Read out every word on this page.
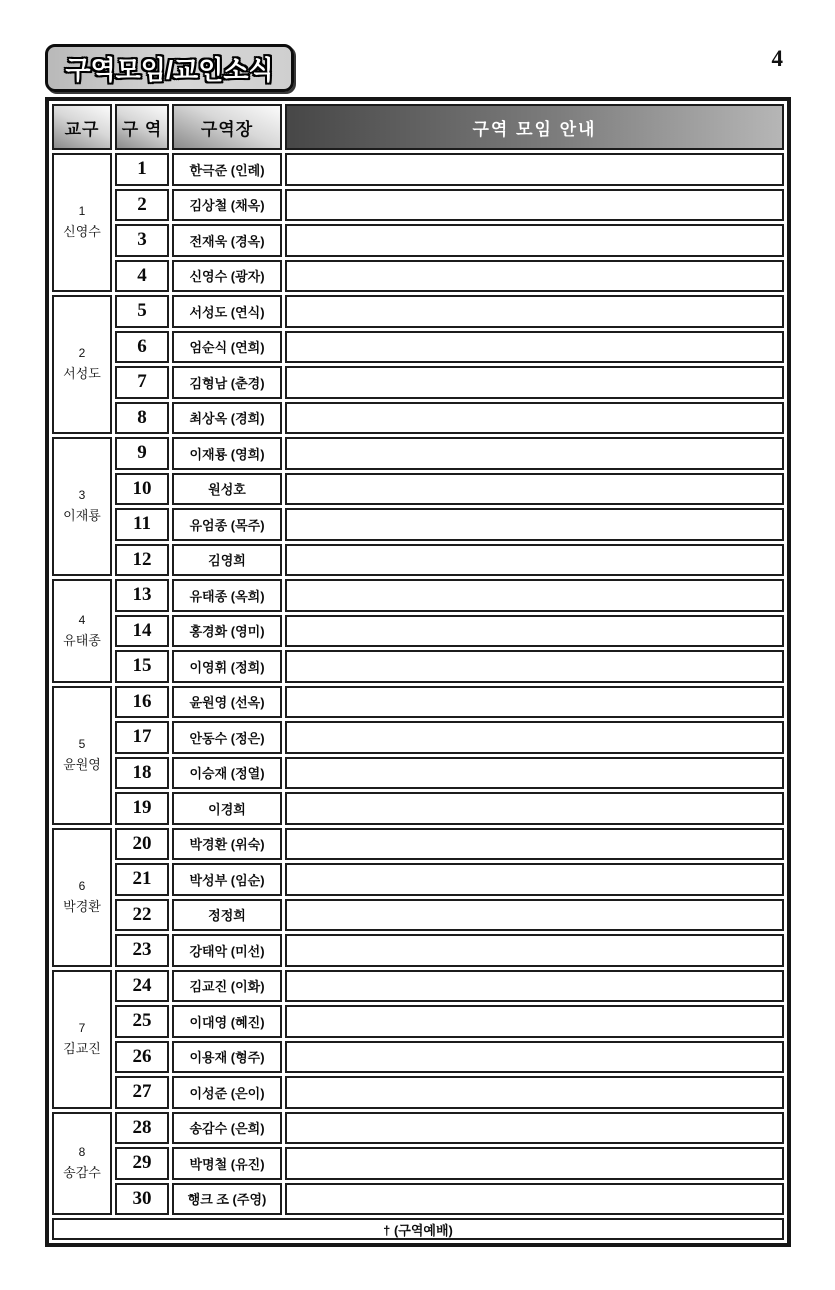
4
구역모임/교인소식
교구	구 역	구역장	구역 모임 안내
† (구역예배)
1
신영수
1	한극준 (인례)
2	김상철 (채옥)
3	전재욱 (경옥)
4	신영수 (광자)
2
서성도
5	서성도 (연식)
6	엄순식 (연희)
7	김형남 (춘경)
8	최상옥 (경희)
3
이재룡
9	이재룡 (영희)
10	원성호
11	유엄종 (목주)
12	김영희
4
유태종
13	유태종 (옥희)
14	홍경화 (영미)
15	이영휘 (정희)
5
윤원영
16	윤원영 (선옥)
17	안동수 (정은)
18	이승재 (정열)
19	이경희
6
박경환
20	박경환 (위숙)
21	박성부 (임순)
22	정정희
23	강태악 (미선)
7
김교진
24	김교진 (이화)
25	이대영 (혜진)
26	이용재 (형주)
27	이성준 (은이)
8
송감수
28	송감수 (은희)
29	박명철 (유진)
30	행크 조 (주영)
